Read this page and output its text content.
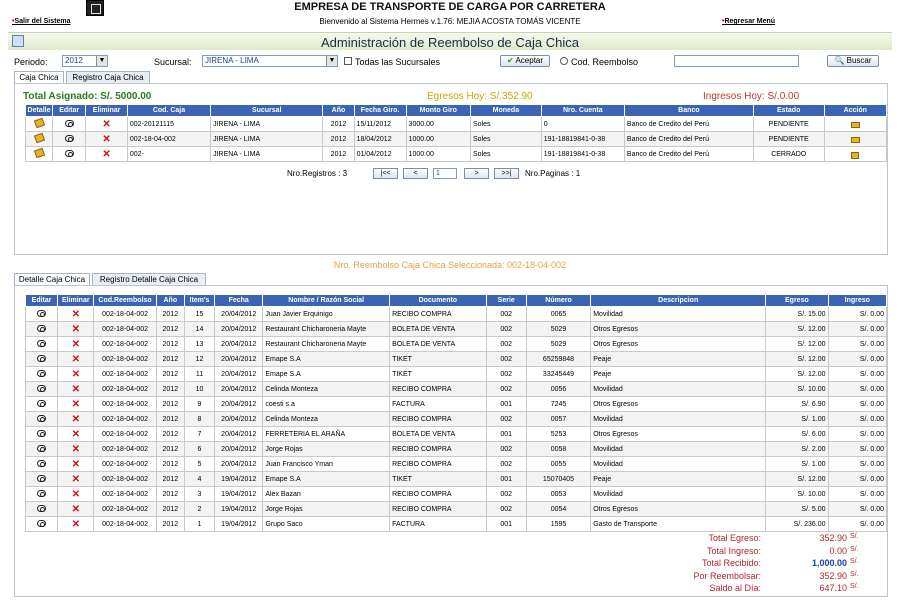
EMPRESA DE TRANSPORTE DE CARGA POR CARRETERA
Bienvenido al Sistema Hermes v.1.76: MEJIA ACOSTA TOMÁS VICENTE
•Salir del Sistema	•Regresar Menú
Administración de Reembolso de Caja Chica
Periodo:	2012	▼	Sucursal:	JIRENA - LIMA	▼ Todas las Sucursales	✔ Aceptar	Cod. Reembolso	🔍 Buscar
Caja Chica	Registro Caja Chica
Total Asignado: S/. 5000.00	Egresos Hoy: S/.352.90	Ingresos Hoy: S/.0.00
Detalle	Editar	Eliminar	Cod. Caja	Sucursal	Año	Fecha Giro.	Monto Giro	Moneda	Nro. Cuenta	Banco	Estado	Acción
		✕	002-20121115	JIRENA - LIMA	2012	15/11/2012	3000.00	Soles	0	Banco de Credito del Perú	PENDIENTE	
		✕	002-18-04-002	JIRENA - LIMA	2012	18/04/2012	1000.00	Soles	191-18819841-0-38	Banco de Credito del Perú	PENDIENTE	
		✕	002-	JIRENA - LIMA	2012	01/04/2012	1000.00	Soles	191-18819841-0-38	Banco de Credito del Perú	CERRADO	
Nro.Registros : 3	|<<	<
1	>	>>|	Nro.Paginas : 1
Nro. Reembolso Caja Chica Seleccionada: 002-18-04-002
Detalle Caja Chica	Registro Detalle Caja Chica
Editar	Eliminar	Cod.Reembolso	Año	Item's	Fecha	Nombre / Razón Social	Documento	Serie	Número	Descripcion	Egreso	Ingreso
	✕	002-18-04-002	2012	15	20/04/2012	Juan Javier Erquinigo	RECIBO COMPRA	002	0065	Movilidad	S/. 15.00	S/. 0.00
	✕	002-18-04-002	2012	14	20/04/2012	Restaurant Chicharoneria Mayte	BOLETA DE VENTA	002	5029	Otros Egresos	S/. 12.00	S/. 0.00
	✕	002-18-04-002	2012	13	20/04/2012	Restaurant Chicharoneria Mayte	BOLETA DE VENTA	002	5029	Otros Egresos	S/. 12.00	S/. 0.00
	✕	002-18-04-002	2012	12	20/04/2012	Emape S.A	TIKET	002	65259848	Peaje	S/. 12.00	S/. 0.00
	✕	002-18-04-002	2012	11	20/04/2012	Emape S.A	TIKET	002	33245449	Peaje	S/. 12.00	S/. 0.00
	✕	002-18-04-002	2012	10	20/04/2012	Celinda Monteza	RECIBO COMPRA	002	0056	Movilidad	S/. 10.00	S/. 0.00
	✕	002-18-04-002	2012	9	20/04/2012	coesti s.a	FACTURA	001	7245	Otros Egresos	S/. 6.90	S/. 0.00
	✕	002-18-04-002	2012	8	20/04/2012	Celinda Monteza	RECIBO COMPRA	002	0057	Movilidad	S/. 1.00	S/. 0.00
	✕	002-18-04-002	2012	7	20/04/2012	FERRETERIA EL ARAÑA	BOLETA DE VENTA	001	5253	Otros Egresos	S/. 6.00	S/. 0.00
	✕	002-18-04-002	2012	6	20/04/2012	Jorge Rojas	RECIBO COMPRA	002	0058	Movilidad	S/. 2.00	S/. 0.00
	✕	002-18-04-002	2012	5	20/04/2012	Juan Francisco Yman	RECIBO COMPRA	002	0055	Movilidad	S/. 1.00	S/. 0.00
	✕	002-18-04-002	2012	4	19/04/2012	Emape S.A	TIKET	001	15070405	Peaje	S/. 12.00	S/. 0.00
	✕	002-18-04-002	2012	3	19/04/2012	Alex Bazan	RECIBO COMPRA	002	0053	Movilidad	S/. 10.00	S/. 0.00
	✕	002-18-04-002	2012	2	19/04/2012	Jorge Rojas	RECIBO COMPRA	002	0054	Otros Egresos	S/. 5.00	S/. 0.00
	✕	002-18-04-002	2012	1	19/04/2012	Grupo Saco	FACTURA	001	1595	Gasto de Transporte	S/. 236.00	S/. 0.00
Total Egreso:	352.90 S/.
Total Ingreso:	0.00 S/.
Total Recibido:	1,000.00 S/.
Por Reembolsar:	352.90 S/.
Saldo al Día:	647.10 S/.
